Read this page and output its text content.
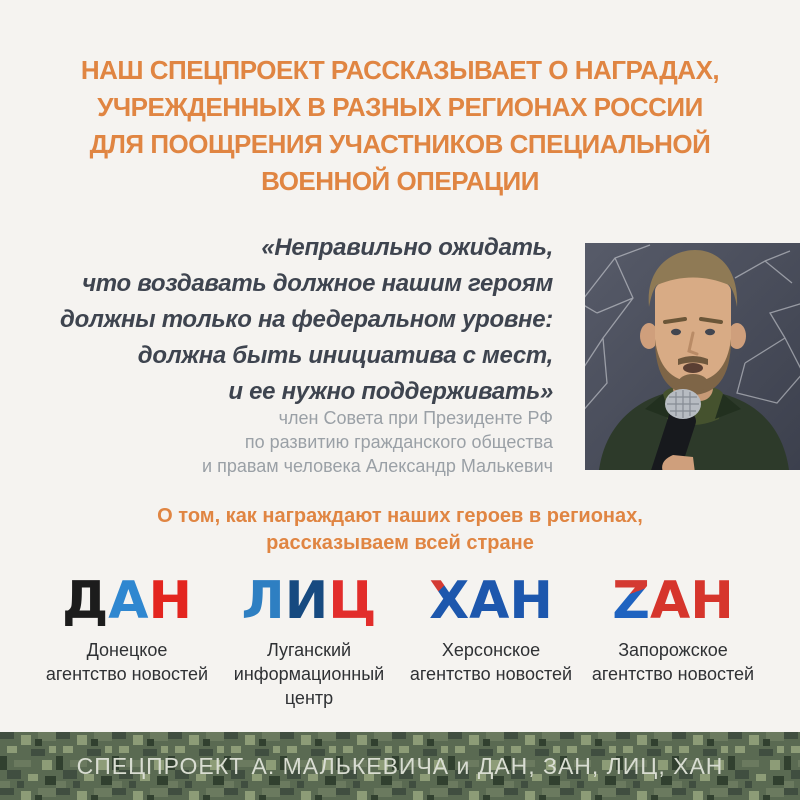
НАШ СПЕЦПРОЕКТ РАССКАЗЫВАЕТ О НАГРАДАХ,
УЧРЕЖДЕННЫХ В РАЗНЫХ РЕГИОНАХ РОССИИ
ДЛЯ ПООЩРЕНИЯ УЧАСТНИКОВ СПЕЦИАЛЬНОЙ
ВОЕННОЙ ОПЕРАЦИИ
«Неправильно ожидать,
что воздавать должное нашим героям
должны только на федеральном уровне:
должна быть инициатива с мест,
и ее нужно поддерживать»
член Совета при Президенте РФ
по развитию гражданского общества
и правам человека Александр Малькевич
О том, как награждают наших героев в регионах,
рассказываем всей стране
ДАН
Донецкое
агентство новостей
ЛИЦ
Луганский
информационный
центр
ХАН
Херсонское
агентство новостей
ZАН
Запорожское
агентство новостей
СПЕЦПРОЕКТ А. МАЛЬКЕВИЧА и ДАН, ЗАН, ЛИЦ, ХАН
